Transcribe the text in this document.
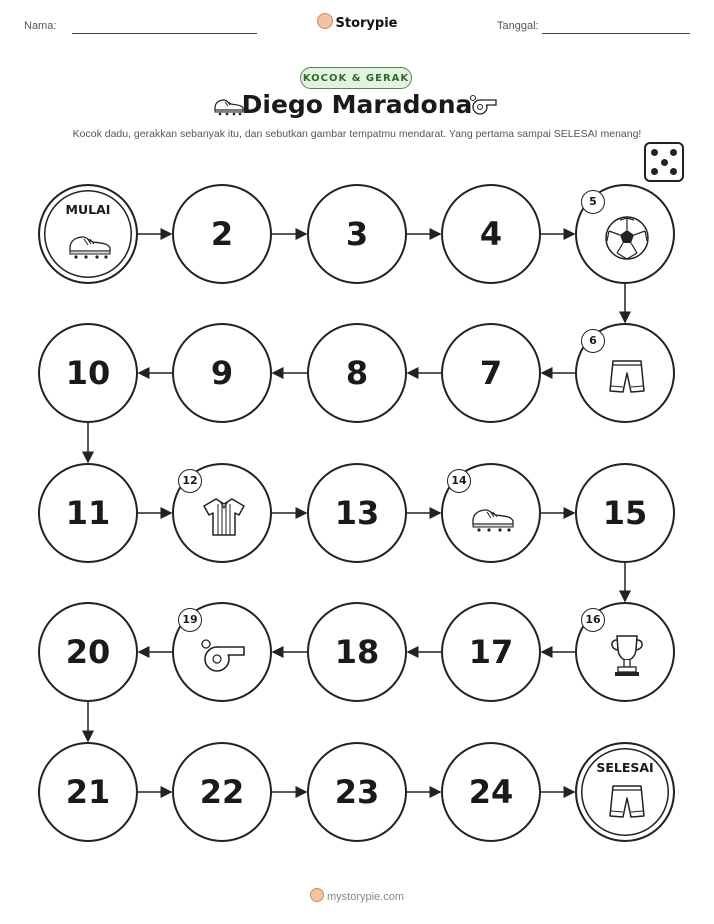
Nama:	Storypie	Tanggal:
KOCOK & GERAK
Diego Maradona
Kocok dadu, gerakkan sebanyak itu, dan sebutkan gambar tempatmu mendarat. Yang pertama sampai SELESAI menang!
MULAI
2	3	4
5
6
7
8
9
10
11
12
13
14
15
16
17
18
19
20
21	22	23	24
SELESAI
mystorypie.com
